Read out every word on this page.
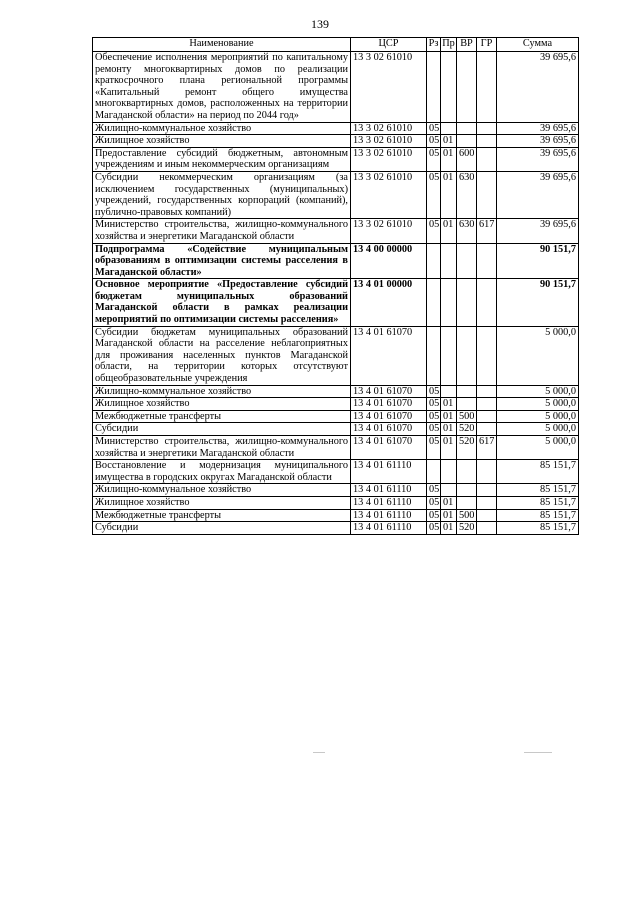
139
Наименование	ЦСР	Рз	Пр	ВР	ГР	Сумма
Обеспечение исполнения мероприятий по капитальному ремонту многоквартирных домов по реализации краткосрочного плана региональной программы «Капитальный ремонт общего имущества многоквартирных домов, расположенных на территории Магаданской области» на период по 2044 год»	13 3 02 61010					39 695,6
Жилищно-коммунальное хозяйство	13 3 02 61010	05				39 695,6
Жилищное хозяйство	13 3 02 61010	05	01			39 695,6
Предоставление субсидий бюджетным, автономным учреждениям и иным некоммерческим организациям	13 3 02 61010	05	01	600		39 695,6
Субсидии некоммерческим организациям (за исключением государственных (муниципальных) учреждений, государственных корпораций (компаний), публично-правовых компаний)	13 3 02 61010	05	01	630		39 695,6
Министерство строительства, жилищно-коммунального хозяйства и энергетики Магаданской области	13 3 02 61010	05	01	630	617	39 695,6
Подпрограмма «Содействие муниципальным образованиям в оптимизации системы расселения в Магаданской области»	13 4 00 00000					90 151,7
Основное мероприятие «Предоставление субсидий бюджетам муниципальных образований Магаданской области в рамках реализации мероприятий по оптимизации системы расселения»	13 4 01 00000					90 151,7
Субсидии бюджетам муниципальных образований Магаданской области на расселение неблагоприятных для проживания населенных пунктов Магаданской области, на территории которых отсутствуют общеобразовательные учреждения	13 4 01 61070					5 000,0
Жилищно-коммунальное хозяйство	13 4 01 61070	05				5 000,0
Жилищное хозяйство	13 4 01 61070	05	01			5 000,0
Межбюджетные трансферты	13 4 01 61070	05	01	500		5 000,0
Субсидии	13 4 01 61070	05	01	520		5 000,0
Министерство строительства, жилищно-коммунального хозяйства и энергетики Магаданской области	13 4 01 61070	05	01	520	617	5 000,0
Восстановление и модернизация муниципального имущества в городских округах Магаданской области	13 4 01 61110					85 151,7
Жилищно-коммунальное хозяйство	13 4 01 61110	05				85 151,7
Жилищное хозяйство	13 4 01 61110	05	01			85 151,7
Межбюджетные трансферты	13 4 01 61110	05	01	500		85 151,7
Субсидии	13 4 01 61110	05	01	520		85 151,7
